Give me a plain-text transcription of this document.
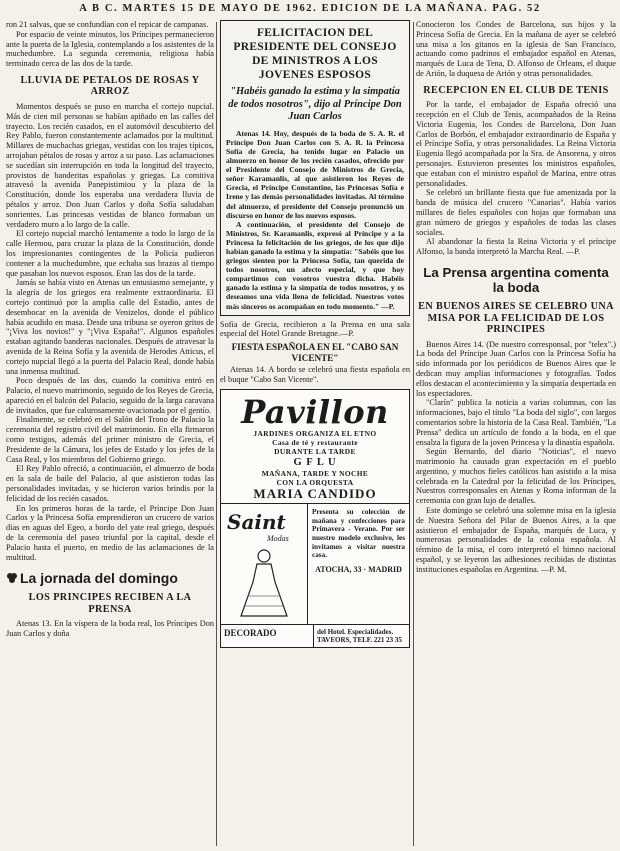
A B C. MARTES 15 DE MAYO DE 1962. EDICION DE LA MAÑANA. PAG. 52

ron 21 salvas, que se confundían con el repicar de campanas.

Por espacio de veinte minutos, los Príncipes permanecieron ante la puerta de la Iglesia, contemplando a los asistentes de la muchedumbre. La segunda ceremonia, religiosa había terminado cerca de las dos de la tarde.

LLUVIA DE PETALOS DE ROSAS Y ARROZ

Momentos después se puso en marcha el cortejo nupcial. Más de cien mil personas se habían apiñado en las calles del trayecto. Los recién casados, en el automóvil descubierto del Rey Pablo, fueron constantemente aclamados por la multitud. Millares de muchachas griegas, vestidas con los trajes típicos, arrojaban pétalos de rosas y arroz a su paso. Las aclamaciones se sucedían sin interrupción en toda la longitud del trayecto, provistos de banderitas españolas y griegas. La comitiva atravesó la avenida Panepistimiou y la plaza de la Constitución, donde los esperaba una verdadera lluvia de pétalos y arroz. Don Juan Carlos y doña Sofía saludaban sonrientes. Las princesas vestidas de blanco formaban un verdadero muro a lo largo de la calle.

El cortejo nupcial marchó lentamente a todo lo largo de la calle Hermou, para cruzar la plaza de la Constitución, donde los impresionantes contingentes de la Policía pudieron contener a la muchedumbre, que echaba sus brazos al tiempo que pasaban los nuevos esposos. Eran las dos de la tarde.

Jamás se había visto en Atenas un entusiasmo semejante, y la alegría de los griegos era realmente extraordinaria. El cortejo continuó por la amplia calle del Estadio, antes de desembocar en la avenida de Venizelos, donde el público había acudido en masa. Desde una tribuna se oyeron gritos de "¡Viva los novios!" y "¡Viva España!". Algunos españoles estaban agitando banderas nacionales. Después de atravesar la avenida de la Reina Sofía y la avenida de Herodes Atticus, el cortejo nupcial llegó a la puerta del Palacio Real, donde había una inmensa multitud.

Poco después de las dos, cuando la comitiva entró en Palacio, el nuevo matrimonio, seguido de los Reyes de Grecia, apareció en el balcón del Palacio, seguido de la larga caravana de invitados, que fue calurosamente ovacionada por el gentío.

Finalmente, se celebró en el Salón del Trono de Palacio la ceremonia del registro civil del matrimonio. En ella firmaron como testigos, además del primer ministro de Grecia, el Presidente de la Cámara, los jefes de Estado y los jefes de la Casa Real, y los miembros del Gobierno griego.

El Rey Pablo ofreció, a continuación, el almuerzo de boda en la sala de baile del Palacio, al que asistieron todas las personalidades invitadas, y se hicieron varios brindis por la felicidad de los recién casados.

En los primeros horas de la tarde, el Príncipe Don Juan Carlos y la Princesa Sofía emprendieron un crucero de varios días en aguas del Egeo, a bordo del yate real griego, después de la ceremonia del paseo triunfal por la capital, desde el Palacio hasta el puerto, en medio de las aclamaciones de la multitud.

La jornada del domingo
LOS PRINCIPES RECIBEN A LA PRENSA

Atenas 13. En la víspera de la boda real, los Príncipes Don Juan Carlos y doña

FELICITACION DEL PRESIDENTE DEL CONSEJO DE MINISTROS A LOS JOVENES ESPOSOS
"Habéis ganado la estima y la simpatía de todos nosotros", dijo al Príncipe Don Juan Carlos

Atenas 14. Hoy, después de la boda de S. A. R. el Príncipe Don Juan Carlos con S. A. R. la Princesa Sofía de Grecia, ha tenido lugar en Palacio un almuerzo en honor de los recién casados, ofrecido por el Presidente del Consejo de Ministros de Grecia, señor Karamanlis, al que asistieron los Reyes de Grecia, el Príncipe Constantino, las Princesas Sofía e Irene y las demás personalidades invitadas. Al término del almuerzo, el presidente del Consejo pronunció un discurso en honor de los nuevos esposos.

A continuación, el presidente del Consejo de Ministros, Sr. Karamanlis, expresó al Príncipe y a la Princesa la felicitación de los griegos, de los que dijo habían ganado la estima y la simpatía: "Sabéis que los griegos sienten por la Princesa Sofía, tan querida de todos nosotros, un afecto especial, y que hoy compartimos con vosotros vuestra dicha. Habéis ganado la estima y la simpatía de todos nosotros, y os deseamos una vida llena de felicidad. Nuestros votos más sinceros os acompañan en todo momento." —P.

Sofía de Grecia, recibieron a la Prensa en una sala especial del Hotel Grande Bretagne.—P.

FIESTA ESPAÑOLA EN EL "CABO SAN VICENTE"

Atenas 14. A bordo se celebró una fiesta española en el buque "Cabo San Vicente".

Pavillon
JARDINES ORGANIZA EL ETNO
Casa de té y restaurante
DURANTE LA TARDE
G F L U
MAÑANA, TARDE Y NOCHE
CON LA ORQUESTA
MARIA CANDIDO
Saint
Modas

Presenta su colección de mañana y confecciones para Primavera - Verano. Por ser nuestro modelo exclusivo, les invitamos a visitar nuestra casa.

ATOCHA, 33 · MADRID

DECORADO	del Hotel. Especialidades. TAVEORS, TELF. 221 23 35

Conocieron los Condes de Barcelona, sus hijos y la Princesa Sofía de Grecia. En la mañana de ayer se celebró una misa a los gitanos en la iglesia de San Francisco, actuando como padrinos el embajador español en Atenas, marqués de Luca de Tena, D. Alfonso de Orleans, el duque de Arión, la duquesa de Arión y otras personalidades.

RECEPCION EN EL CLUB DE TENIS

Por la tarde, el embajador de España ofreció una recepción en el Club de Tenis, acompañados de la Reina Victoria Eugenia, los Condes de Barcelona, Don Juan Carlos de Borbón, el embajador extraordinario de España y el Príncipe Sofía, y otras personalidades. La Reina Victoria Eugenia llegó acompañada por la Sra. de Ansorena, y otros personajes. Estuvieron presentes los ministros españoles, que estaban con el ministro español de Marina, entre otras personalidades.

Se celebró un brillante fiesta que fue amenizada por la banda de música del crucero "Canarias". Había varios millares de fieles españoles con hojas que formaban una gran número de griegos y españoles de todas las clases sociales.

Al abandonar la fiesta la Reina Victoria y el príncipe Alfonso, la banda interpretó la Marcha Real. —P.

La Prensa argentina comenta la boda
EN BUENOS AIRES SE CELEBRO UNA MISA POR LA FELICIDAD DE LOS PRINCIPES

Buenos Aires 14. (De nuestro corresponsal, por "telex".) La boda del Príncipe Juan Carlos con la Princesa Sofía ha sido informada por los periódicos de Buenos Aires que le dedican muy amplias informaciones y fotografías. Todos ellos destacan el acontecimiento y la simpatía despertada en los espectadores.

"Clarín" publica la noticia a varias columnas, con las informaciones, bajo el título "La boda del siglo", con largos comentarios sobre la historia de la Casa Real. También, "La Prensa" dedica un artículo de fondo a la boda, en el que ensalza la figura de la joven Princesa y la dinastía española.

Según Bernardo, del diario "Noticias", el nuevo matrimonio ha causado gran expectación en el pueblo argentino, y muchos fieles católicos han asistido a la misa celebrada en la Catedral por la felicidad de los Príncipes, Nuestros corresponsales en Atenas y Roma informan de la ceremonia con gran lujo de detalles.

Este domingo se celebró una solemne misa en la iglesia de Nuestra Señora del Pilar de Buenos Aires, a la que asistieron el embajador de España, marqués de Luca, y numerosas personalidades de la colonia española. Al término de la misa, el coro interpretó el himno nacional español, y se leyeron las adhesiones recibidas de distintas instituciones españolas en Argentina. —P. M.
